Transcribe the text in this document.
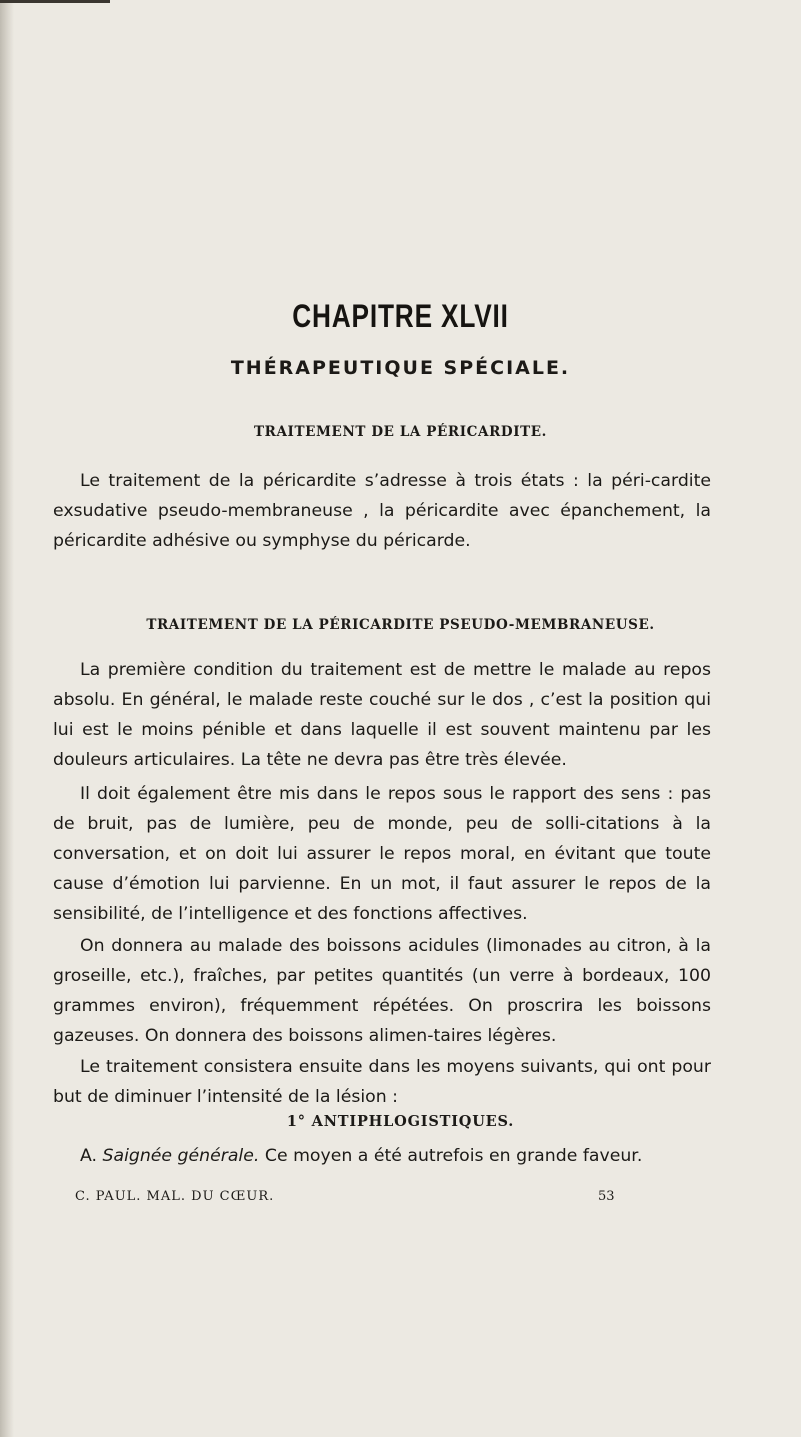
CHAPITRE XLVII
THÉRAPEUTIQUE SPÉCIALE.
TRAITEMENT DE LA PÉRICARDITE.

Le traitement de la péricardite s’adresse à trois états : la péri-cardite exsudative pseudo-membraneuse , la péricardite avec épanchement, la péricardite adhésive ou symphyse du péricarde.

TRAITEMENT DE LA PÉRICARDITE PSEUDO-MEMBRANEUSE.

La première condition du traitement est de mettre le malade au repos absolu. En général, le malade reste couché sur le dos , c’est la position qui lui est le moins pénible et dans laquelle il est souvent maintenu par les douleurs articulaires. La tête ne devra pas être très élevée.

Il doit également être mis dans le repos sous le rapport des sens : pas de bruit, pas de lumière, peu de monde, peu de solli-citations à la conversation, et on doit lui assurer le repos moral, en évitant que toute cause d’émotion lui parvienne. En un mot, il faut assurer le repos de la sensibilité, de l’intelligence et des fonctions affectives.

On donnera au malade des boissons acidules (limonades au citron, à la groseille, etc.), fraîches, par petites quantités (un verre à bordeaux, 100 grammes environ), fréquemment répétées. On proscrira les boissons gazeuses. On donnera des boissons alimen-taires légères.

Le traitement consistera ensuite dans les moyens suivants, qui ont pour but de diminuer l’intensité de la lésion :

1° ANTIPHLOGISTIQUES.

A. Saignée générale. Ce moyen a été autrefois en grande faveur.

C. PAUL. MAL. DU CŒUR.	53
